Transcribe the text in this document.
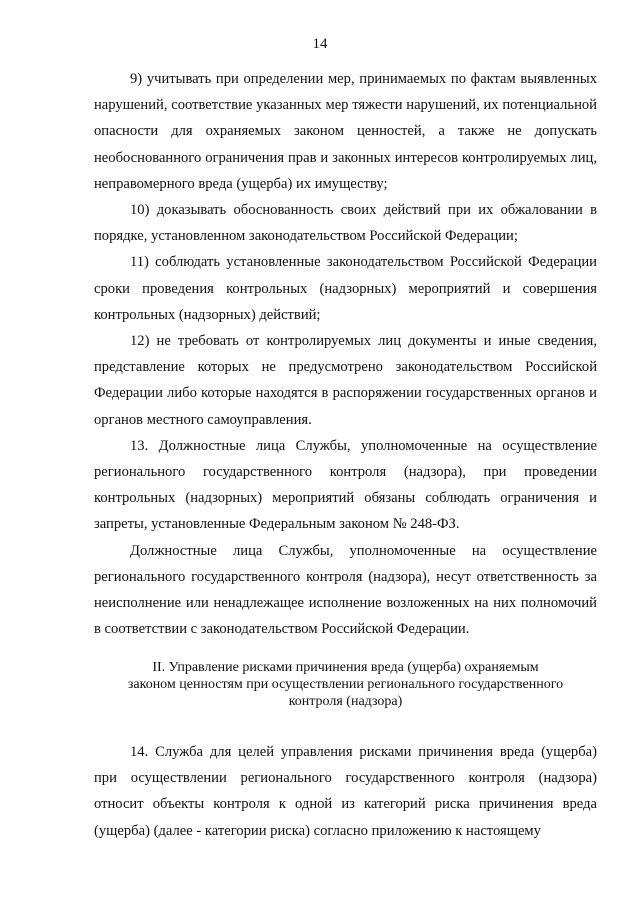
14

9) учитывать при определении мер, принимаемых по фактам выявленных нарушений, соответствие указанных мер тяжести нарушений, их потенциальной опасности для охраняемых законом ценностей, а также не допускать необоснованного ограничения прав и законных интересов контролируемых лиц, неправомерного вреда (ущерба) их имуществу;

10) доказывать обоснованность своих действий при их обжаловании в порядке, установленном законодательством Российской Федерации;

11) соблюдать установленные законодательством Российской Федерации сроки проведения контрольных (надзорных) мероприятий и совершения контрольных (надзорных) действий;

12) не требовать от контролируемых лиц документы и иные сведения, представление которых не предусмотрено законодательством Российской Федерации либо которые находятся в распоряжении государственных органов и органов местного самоуправления.

13. Должностные лица Службы, уполномоченные на осуществление регионального государственного контроля (надзора), при проведении контрольных (надзорных) мероприятий обязаны соблюдать ограничения и запреты, установленные Федеральным законом № 248-ФЗ.

Должностные лица Службы, уполномоченные на осуществление регионального государственного контроля (надзора), несут ответственность за неисполнение или ненадлежащее исполнение возложенных на них полномочий в соответствии с законодательством Российской Федерации.

II. Управление рисками причинения вреда (ущерба) охраняемым
законом ценностям при осуществлении регионального государственного
контроля (надзора)

14. Служба для целей управления рисками причинения вреда (ущерба) при осуществлении регионального государственного контроля (надзора) относит объекты контроля к одной из категорий риска причинения вреда (ущерба) (далее - категории риска) согласно приложению к настоящему
